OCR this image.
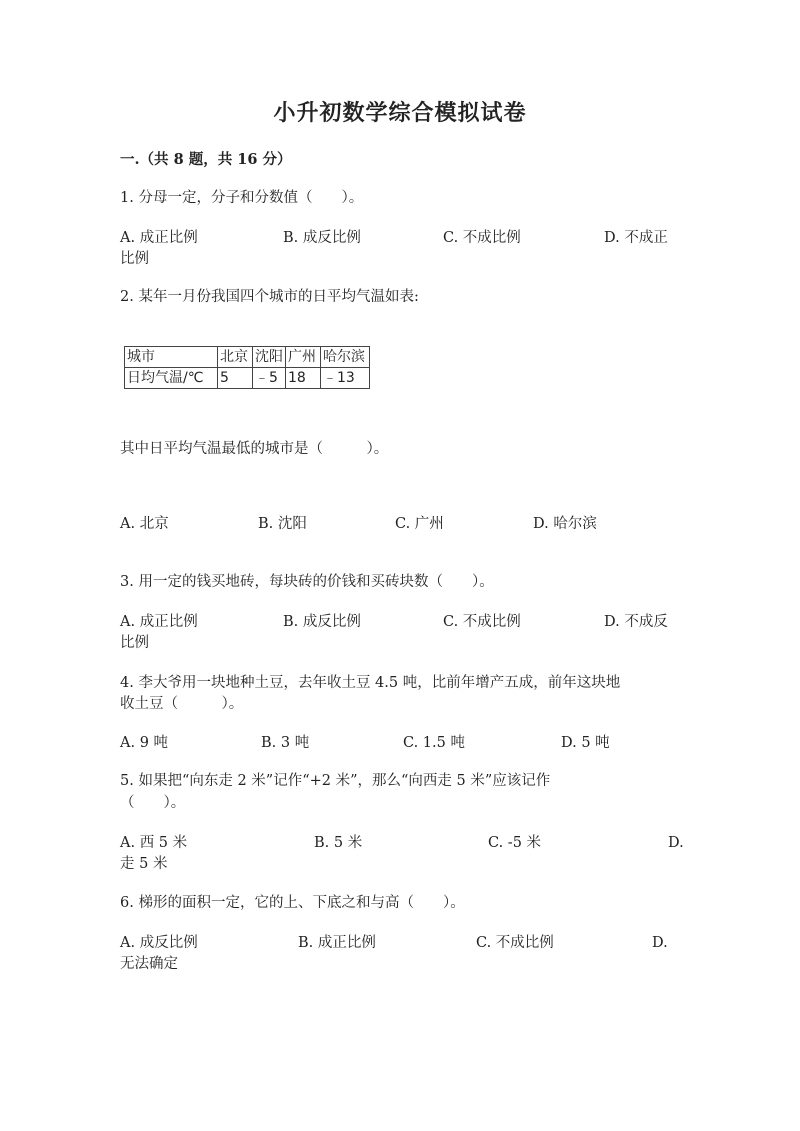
小升初数学综合模拟试卷
一.（共 8 题，共 16 分）
1. 分母一定，分子和分数值（　　）。
A. 成正比例	B. 成反比例	C. 不成比例	D. 不成正
比例
2. 某年一月份我国四个城市的日平均气温如表:
城市	北京	沈阳	广州	哈尔滨
日均气温/℃	5	﹣5	18	﹣13
其中日平均气温最低的城市是（　　　）。
A. 北京	B. 沈阳	C. 广州	D. 哈尔滨
3. 用一定的钱买地砖，每块砖的价钱和买砖块数（　　）。
A. 成正比例	B. 成反比例	C. 不成比例	D. 不成反
比例
4. 李大爷用一块地种土豆，去年收土豆 4.5 吨，比前年增产五成，前年这块地
收土豆（　　　）。
A. 9 吨	B. 3 吨	C. 1.5 吨	D. 5 吨
5. 如果把“向东走 2 米”记作“+2 米”，那么“向西走 5 米”应该记作
（　　）。
A. 西 5 米	B. 5 米	C. -5 米	D.
走 5 米
6. 梯形的面积一定，它的上、下底之和与高（　　）。
A. 成反比例	B. 成正比例	C. 不成比例	D.
无法确定
